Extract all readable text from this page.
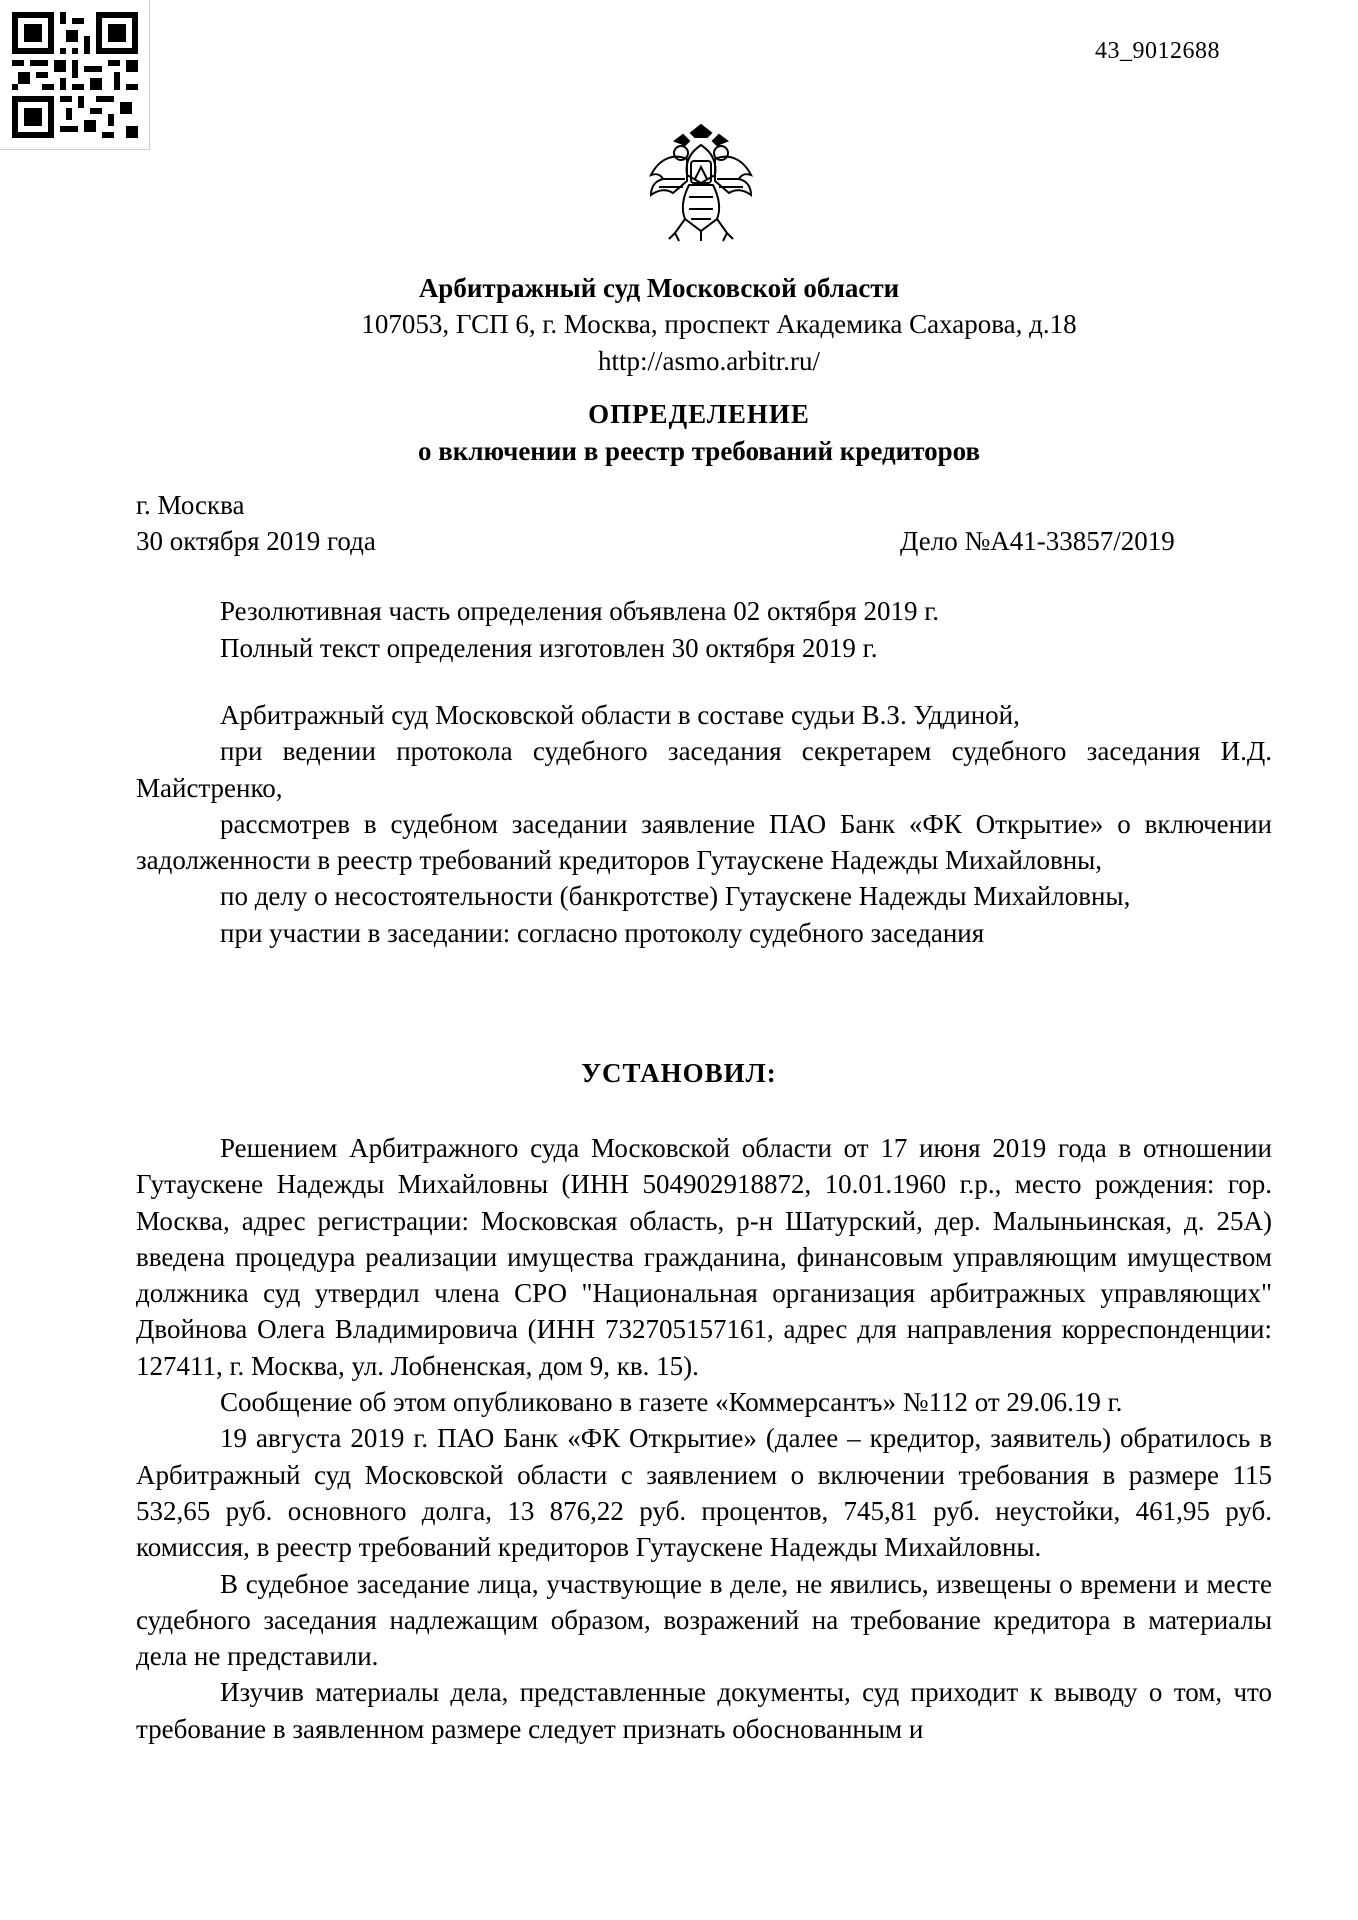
43_9012688
Арбитражный суд Московской области
107053, ГСП 6, г. Москва, проспект Академика Сахарова, д.18
http://asmo.arbitr.ru/
ОПРЕДЕЛЕНИЕ
о включении в реестр требований кредиторов
г. Москва
30 октября 2019 года	Дело №А41-33857/2019
Резолютивная часть определения объявлена 02 октября 2019 г.
Полный текст определения изготовлен 30 октября 2019 г.

Арбитражный суд Московской области в составе судьи В.З. Уддиной,

при ведении протокола судебного заседания секретарем судебного заседания И.Д. Майстренко,

рассмотрев в судебном заседании заявление ПАО Банк «ФК Открытие» о включении задолженности в реестр требований кредиторов Гутаускене Надежды Михайловны,

по делу о несостоятельности (банкротстве) Гутаускене Надежды Михайловны,

при участии в заседании: согласно протоколу судебного заседания

УСТАНОВИЛ:

Решением Арбитражного суда Московской области от 17 июня 2019 года в отношении Гутаускене Надежды Михайловны (ИНН 504902918872, 10.01.1960 г.р., место рождения: гор. Москва, адрес регистрации: Московская область, р-н Шатурский, дер. Малыньинская, д. 25А) введена процедура реализации имущества гражданина, финансовым управляющим имуществом должника суд утвердил члена СРО "Национальная организация арбитражных управляющих" Двойнова Олега Владимировича (ИНН 732705157161, адрес для направления корреспонденции: 127411, г. Москва, ул. Лобненская, дом 9, кв. 15).

Сообщение об этом опубликовано в газете «Коммерсантъ» №112 от 29.06.19 г.

19 августа 2019 г. ПАО Банк «ФК Открытие» (далее – кредитор, заявитель) обратилось в Арбитражный суд Московской области с заявлением о включении требования в размере 115 532,65 руб. основного долга, 13 876,22 руб. процентов, 745,81 руб. неустойки, 461,95 руб. комиссия, в реестр требований кредиторов Гутаускене Надежды Михайловны.

В судебное заседание лица, участвующие в деле, не явились, извещены о времени и месте судебного заседания надлежащим образом, возражений на требование кредитора в материалы дела не представили.

Изучив материалы дела, представленные документы, суд приходит к выводу о том, что требование в заявленном размере следует признать обоснованным и
